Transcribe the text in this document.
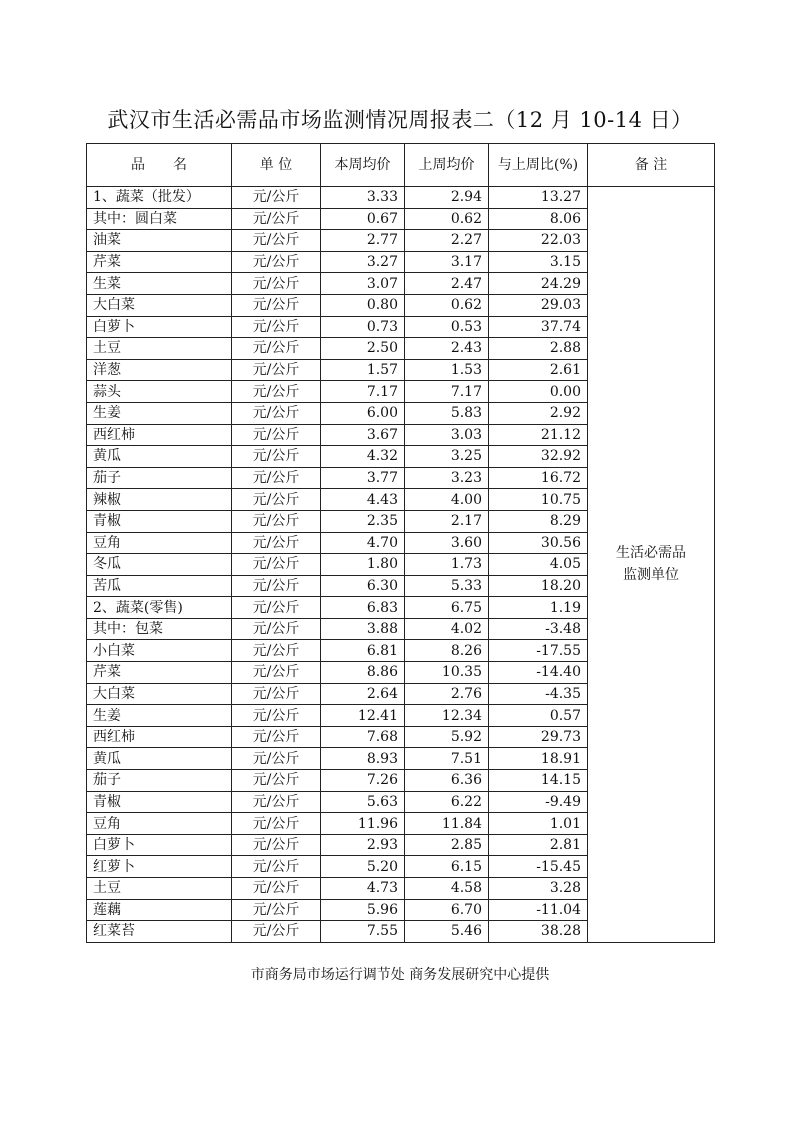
武汉市生活必需品市场监测情况周报表二（12 月 10-14 日）
品　　名	单 位	本周均价	上周均价	与上周比(%)	备 注
1、蔬菜（批发）	元/公斤	3.33	2.94	13.27	生活必需品监测单位
其中：圆白菜	元/公斤	0.67	0.62	8.06	
油菜	元/公斤	2.77	2.27	22.03	
芹菜	元/公斤	3.27	3.17	3.15	
生菜	元/公斤	3.07	2.47	24.29	
大白菜	元/公斤	0.80	0.62	29.03	
白萝卜	元/公斤	0.73	0.53	37.74	
土豆	元/公斤	2.50	2.43	2.88	
洋葱	元/公斤	1.57	1.53	2.61	
蒜头	元/公斤	7.17	7.17	0.00	
生姜	元/公斤	6.00	5.83	2.92	
西红柿	元/公斤	3.67	3.03	21.12	
黄瓜	元/公斤	4.32	3.25	32.92	
茄子	元/公斤	3.77	3.23	16.72	
辣椒	元/公斤	4.43	4.00	10.75	
青椒	元/公斤	2.35	2.17	8.29	
豆角	元/公斤	4.70	3.60	30.56	
冬瓜	元/公斤	1.80	1.73	4.05	
苦瓜	元/公斤	6.30	5.33	18.20	
2、蔬菜(零售)	元/公斤	6.83	6.75	1.19	
其中：包菜	元/公斤	3.88	4.02	-3.48	
小白菜	元/公斤	6.81	8.26	-17.55	
芹菜	元/公斤	8.86	10.35	-14.40	
大白菜	元/公斤	2.64	2.76	-4.35	
生姜	元/公斤	12.41	12.34	0.57	
西红柿	元/公斤	7.68	5.92	29.73	
黄瓜	元/公斤	8.93	7.51	18.91	
茄子	元/公斤	7.26	6.36	14.15	
青椒	元/公斤	5.63	6.22	-9.49	
豆角	元/公斤	11.96	11.84	1.01	
白萝卜	元/公斤	2.93	2.85	2.81	
红萝卜	元/公斤	5.20	6.15	-15.45	
土豆	元/公斤	4.73	4.58	3.28	
莲藕	元/公斤	5.96	6.70	-11.04	
红菜苔	元/公斤	7.55	5.46	38.28	
市商务局市场运行调节处 商务发展研究中心提供
